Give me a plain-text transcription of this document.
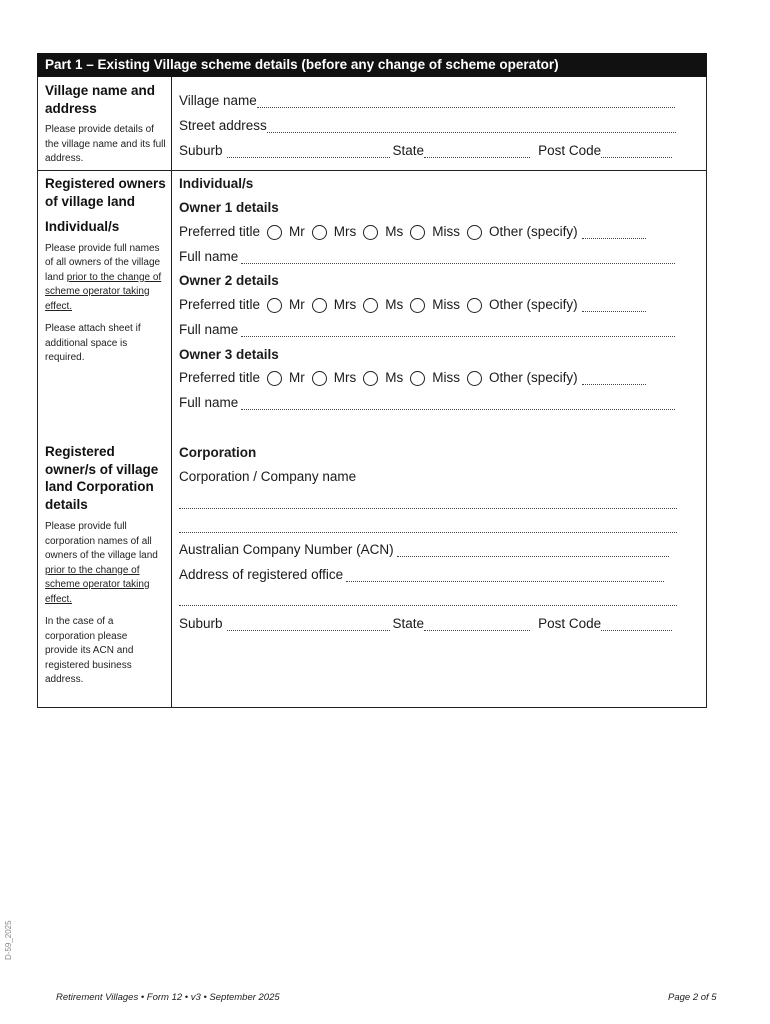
Part 1 – Existing Village scheme details (before any change of scheme operator)
Village name and address
Please provide details of the village name and its full address.
Village name
Street address
Suburb	State	Post Code
Registered owners of village land
Individual/s
Please provide full names of all owners of the village land prior to the change of scheme operator taking effect.
Please attach sheet if additional space is required.
Individual/s
Owner 1 details
Preferred title Mr Mrs Ms Miss Other (specify)
Full name
Owner 2 details
Preferred title Mr Mrs Ms Miss Other (specify)
Full name
Owner 3 details
Preferred title Mr Mrs Ms Miss Other (specify)
Full name
Registered owner/s of village land Corporation details
Please provide full corporation names of all owners of the village land prior to the change of scheme operator taking effect.
In the case of a corporation please provide its ACN and registered business address.
Corporation
Corporation / Company name
Australian Company Number (ACN)
Address of registered office
Suburb	State	Post Code
D-59_2025
Retirement Villages • Form 12 • v3 • September 2025	Page 2 of 5
